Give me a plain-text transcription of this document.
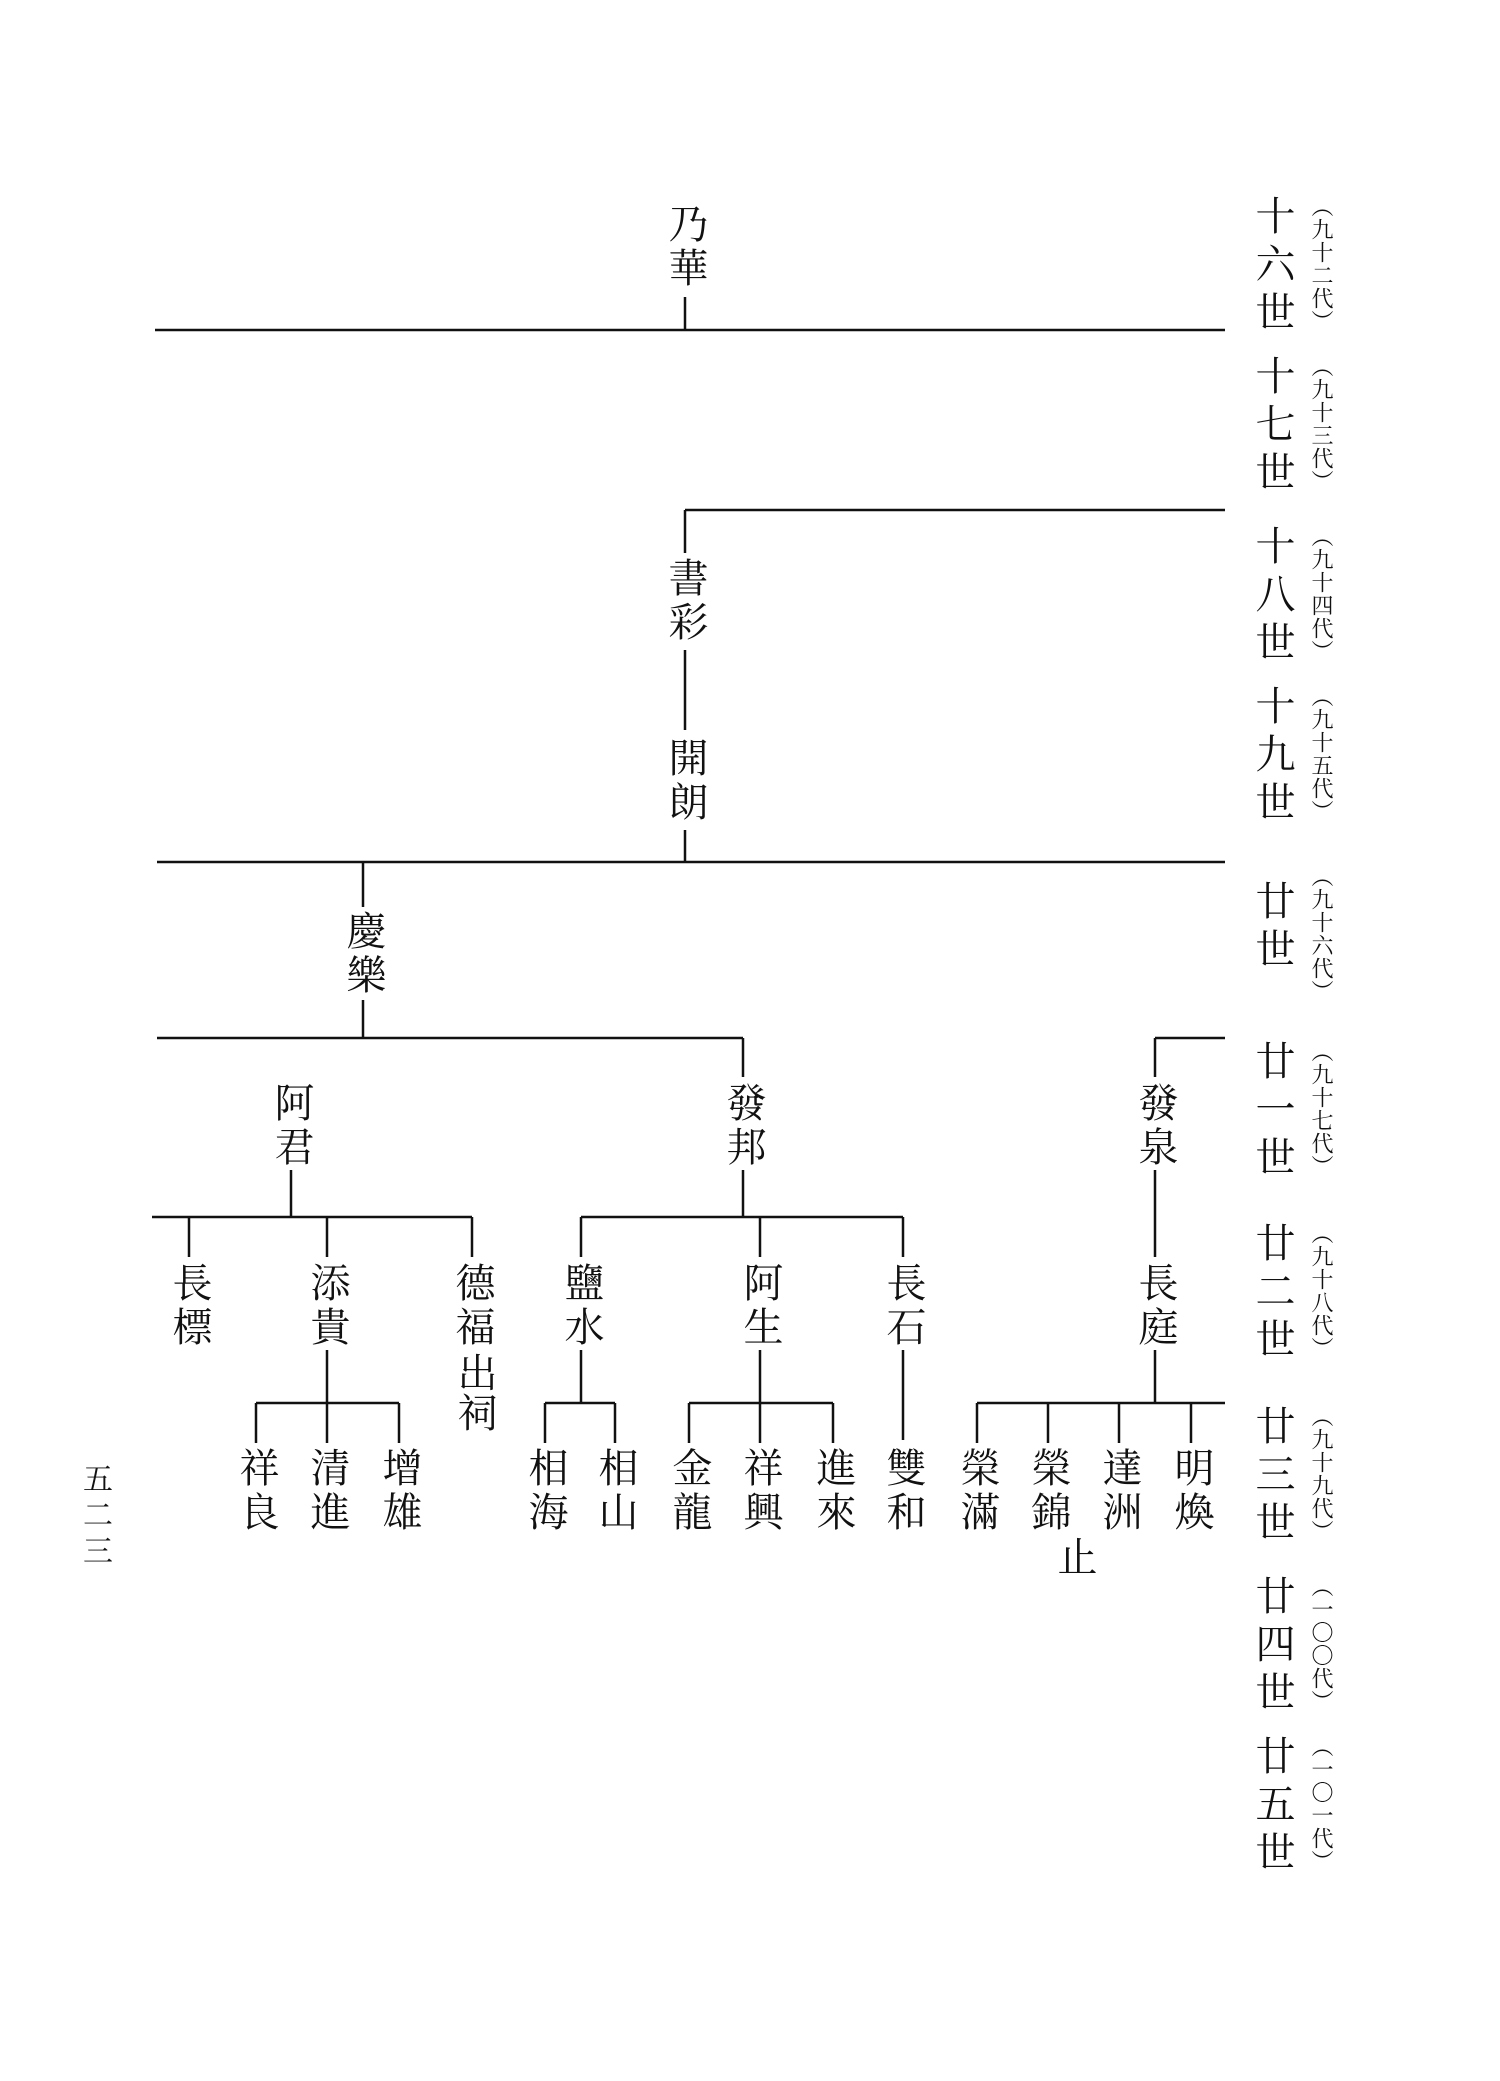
十六世 （九十二代）
十七世 （九十三代）
十八世 （九十四代）
十九世 （九十五代）
廿世 （九十六代）
廿一世 （九十七代）
廿二世 （九十八代）
廿三世 （九十九代）
廿四世 （一〇〇代）
廿五世 （一〇一代）
乃華
書彩
開朗
慶樂
阿君	發邦	發泉
長標 添貴 德福
出祠
鹽水	阿生 長石	長庭
祥良 清進 增雄	相海 相山 金龍 祥興 進來 雙和 榮滿 榮錦
止
達洲 明煥
五二三
